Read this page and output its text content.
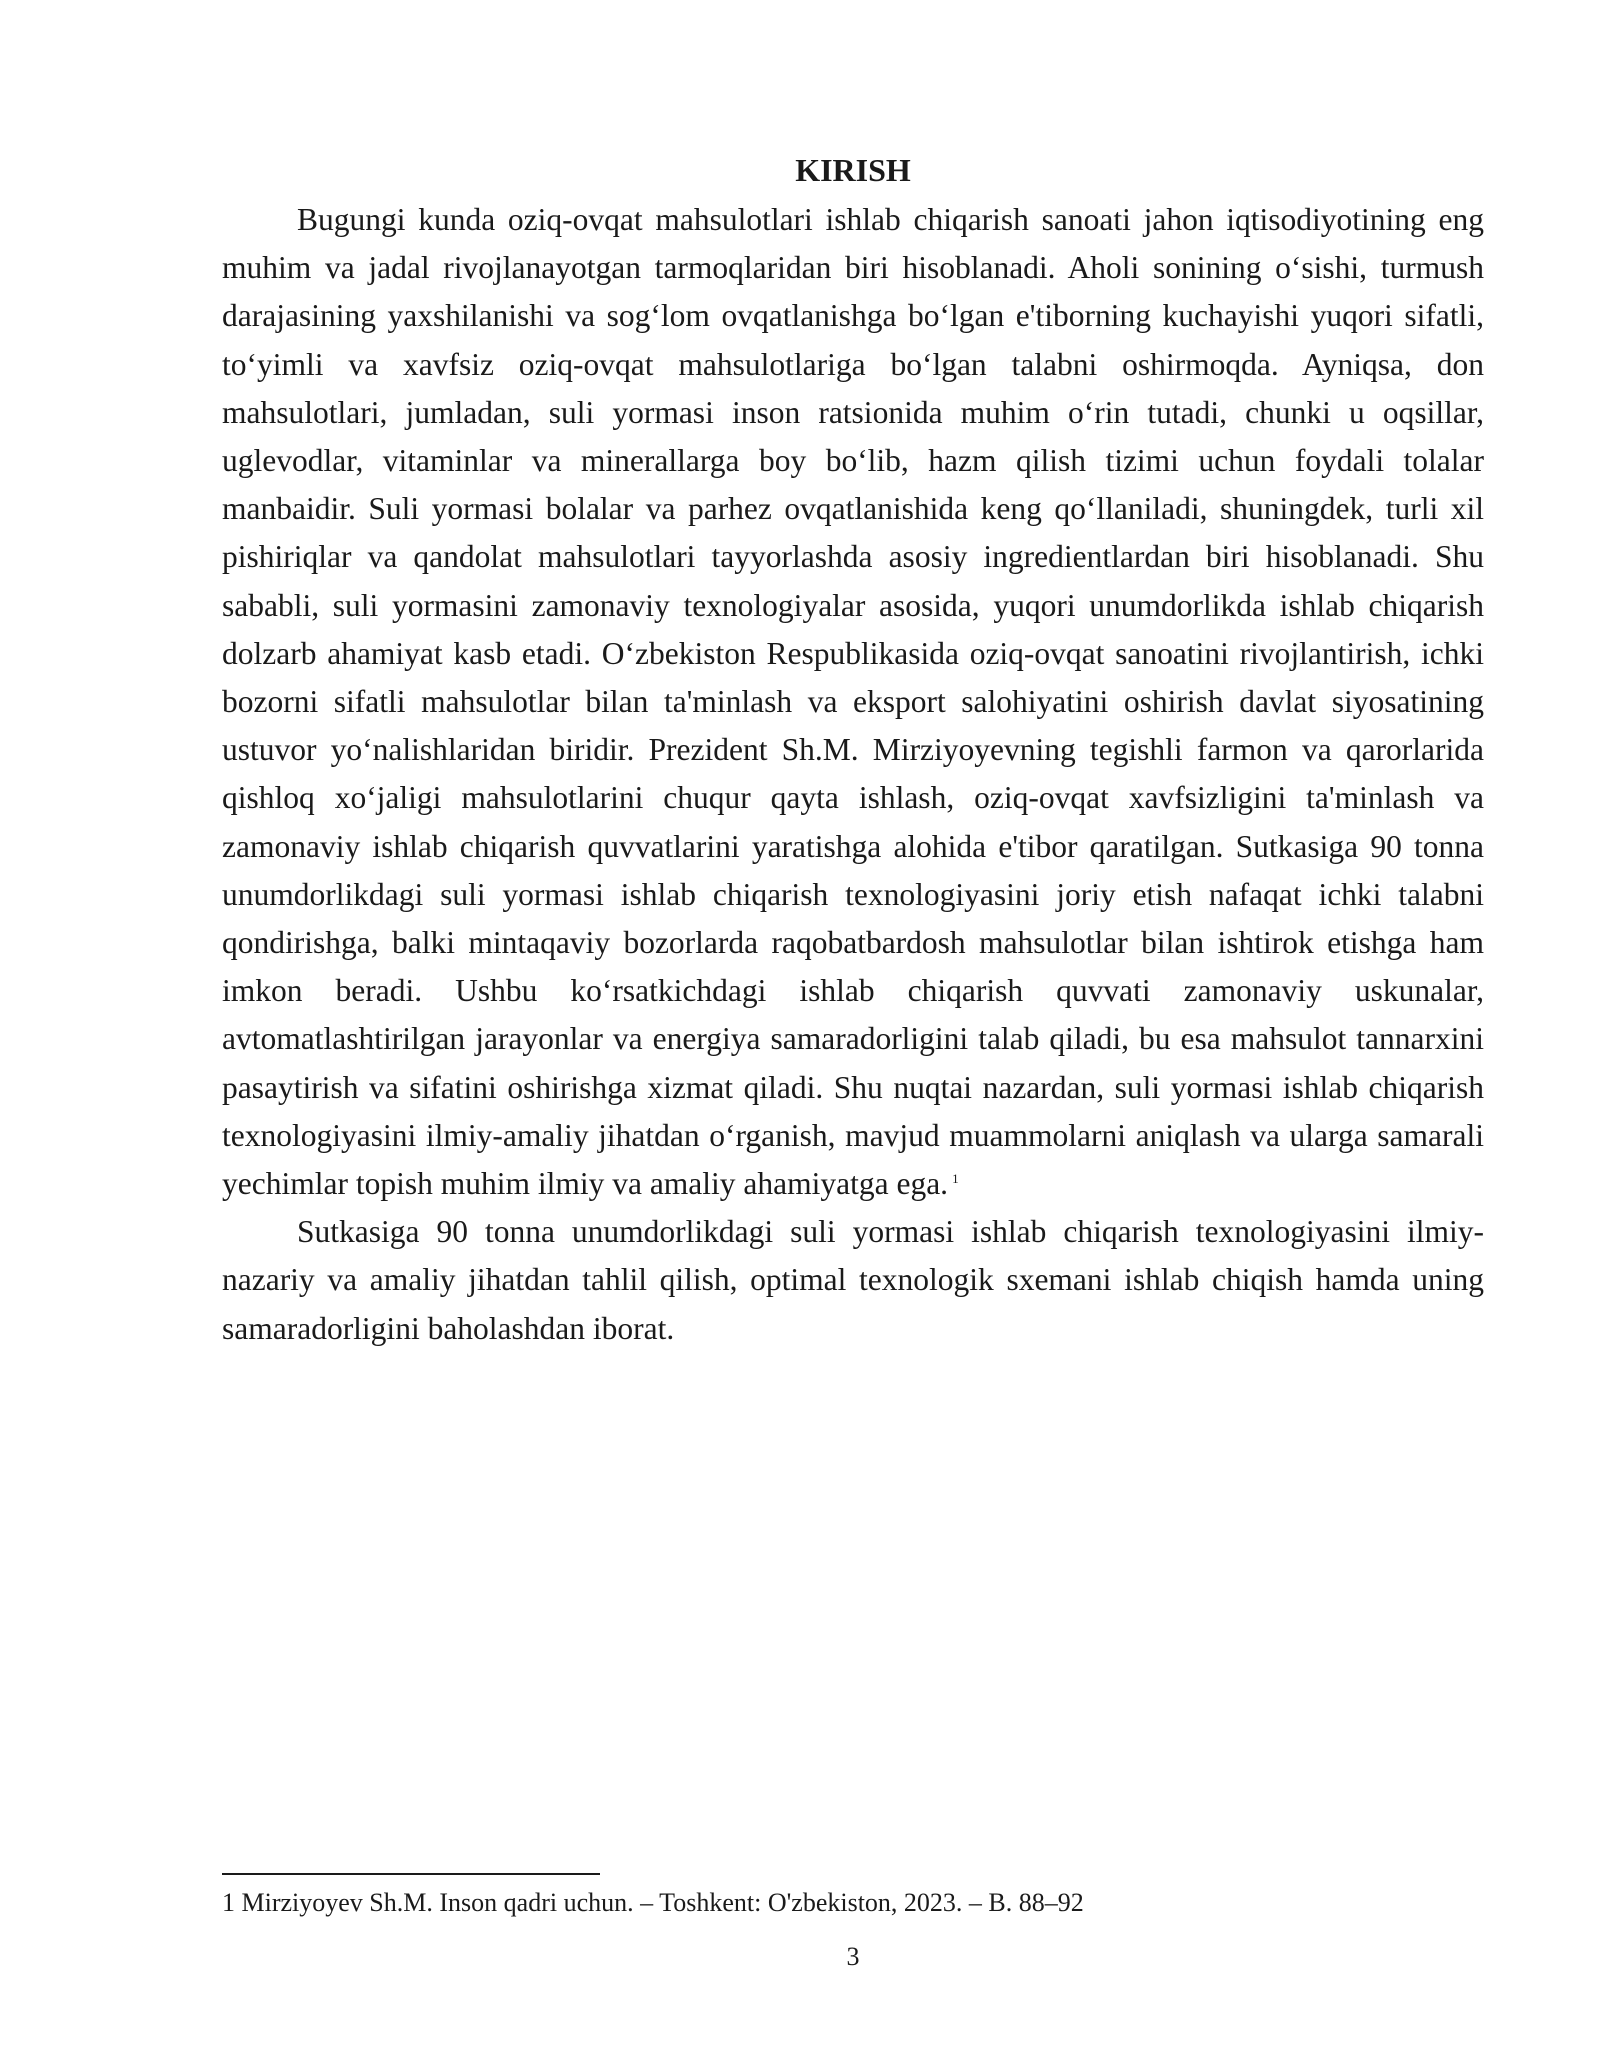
KIRISH

Bugungi kunda oziq-ovqat mahsulotlari ishlab chiqarish sanoati jahon iqtisodiyotining eng muhim va jadal rivojlanayotgan tarmoqlaridan biri hisoblanadi. Aholi sonining o‘sishi, turmush darajasining yaxshilanishi va sog‘lom ovqatlanishga bo‘lgan e'tiborning kuchayishi yuqori sifatli, to‘yimli va xavfsiz oziq-ovqat mahsulotlariga bo‘lgan talabni oshirmoqda. Ayniqsa, don mahsulotlari, jumladan, suli yormasi inson ratsionida muhim o‘rin tutadi, chunki u oqsillar, uglevodlar, vitaminlar va minerallarga boy bo‘lib, hazm qilish tizimi uchun foydali tolalar manbaidir. Suli yormasi bolalar va parhez ovqatlanishida keng qo‘llaniladi, shuningdek, turli xil pishiriqlar va qandolat mahsulotlari tayyorlashda asosiy ingredientlardan biri hisoblanadi. Shu sababli, suli yormasini zamonaviy texnologiyalar asosida, yuqori unumdorlikda ishlab chiqarish dolzarb ahamiyat kasb etadi. O‘zbekiston Respublikasida oziq-ovqat sanoatini rivojlantirish, ichki bozorni sifatli mahsulotlar bilan ta'minlash va eksport salohiyatini oshirish davlat siyosatining ustuvor yo‘nalishlaridan biridir. Prezident Sh.M. Mirziyoyevning tegishli farmon va qarorlarida qishloq xo‘jaligi mahsulotlarini chuqur qayta ishlash, oziq-ovqat xavfsizligini ta'minlash va zamonaviy ishlab chiqarish quvvatlarini yaratishga alohida e'tibor qaratilgan. Sutkasiga 90 tonna unumdorlikdagi suli yormasi ishlab chiqarish texnologiyasini joriy etish nafaqat ichki talabni qondirishga, balki mintaqaviy bozorlarda raqobatbardosh mahsulotlar bilan ishtirok etishga ham imkon beradi. Ushbu ko‘rsatkichdagi ishlab chiqarish quvvati zamonaviy uskunalar, avtomatlashtirilgan jarayonlar va energiya samaradorligini talab qiladi, bu esa mahsulot tannarxini pasaytirish va sifatini oshirishga xizmat qiladi. Shu nuqtai nazardan, suli yormasi ishlab chiqarish texnologiyasini ilmiy-amaliy jihatdan o‘rganish, mavjud muammolarni aniqlash va ularga samarali yechimlar topish muhim ilmiy va amaliy ahamiyatga ega. $^1$

Sutkasiga 90 tonna unumdorlikdagi suli yormasi ishlab chiqarish texnologiyasini ilmiy-nazariy va amaliy jihatdan tahlil qilish, optimal texnologik sxemani ishlab chiqish hamda uning samaradorligini baholashdan iborat.

1 Mirziyoyev Sh.M. Inson qadri uchun. – Toshkent: O'zbekiston, 2023. – B. 88–92

3
